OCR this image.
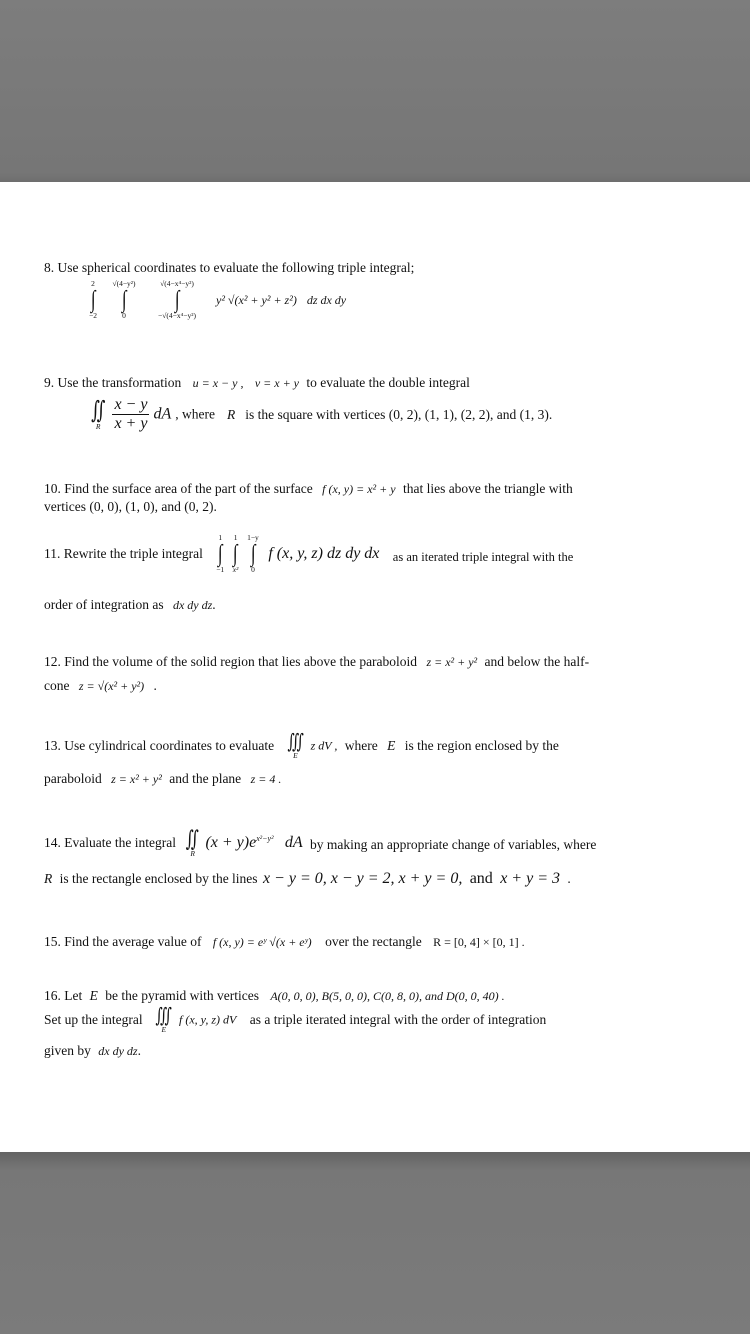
8. Use spherical coordinates to evaluate the following triple integral;
2
∫
−2

√(4−y²)
∫
0

√(4−x⁴−y²)
∫
−√(4−x⁴−y²)
y² √(x² + y² + z²) dz dx dy
9. Use the transformation u = x − y , v = x + y to evaluate the double integral
∬
R
$\frac{x - y}{x + y}$ dA , where R is the square with vertices (0, 2), (1, 1), (2, 2), and (1, 3).
10. Find the surface area of the part of the surface f (x, y) = x² + y that lies above the triangle with
vertices (0, 0), (1, 0), and (0, 2).
11. Rewrite the triple integral
1
∫
−1

1
∫
x²

1−y
∫
0
f (x, y, z) dz dy dx as an iterated triple integral with the
order of integration as dx dy dz.
12. Find the volume of the solid region that lies above the paraboloid z = x² + y² and below the half-
cone z = √(x² + y²) .
13. Use cylindrical coordinates to evaluate ∭
E
z dV , where E is the region enclosed by the
paraboloid z = x² + y² and the plane z = 4 .
14. Evaluate the integral ∬
R
$(x + y)e^{x^2-y^2}$ dA by making an appropriate change of variables, where
R is the rectangle enclosed by the lines x − y = 0, x − y = 2, x + y = 0, and x + y = 3 .
15. Find the average value of f (x, y) = eʸ √(x + eʸ) over the rectangle R = [0, 4] × [0, 1] .
16. Let E be the pyramid with vertices A(0, 0, 0), B(5, 0, 0), C(0, 8, 0), and D(0, 0, 40) .
Set up the integral ∭
E
f (x, y, z) dV as a triple iterated integral with the order of integration
given by dx dy dz.
